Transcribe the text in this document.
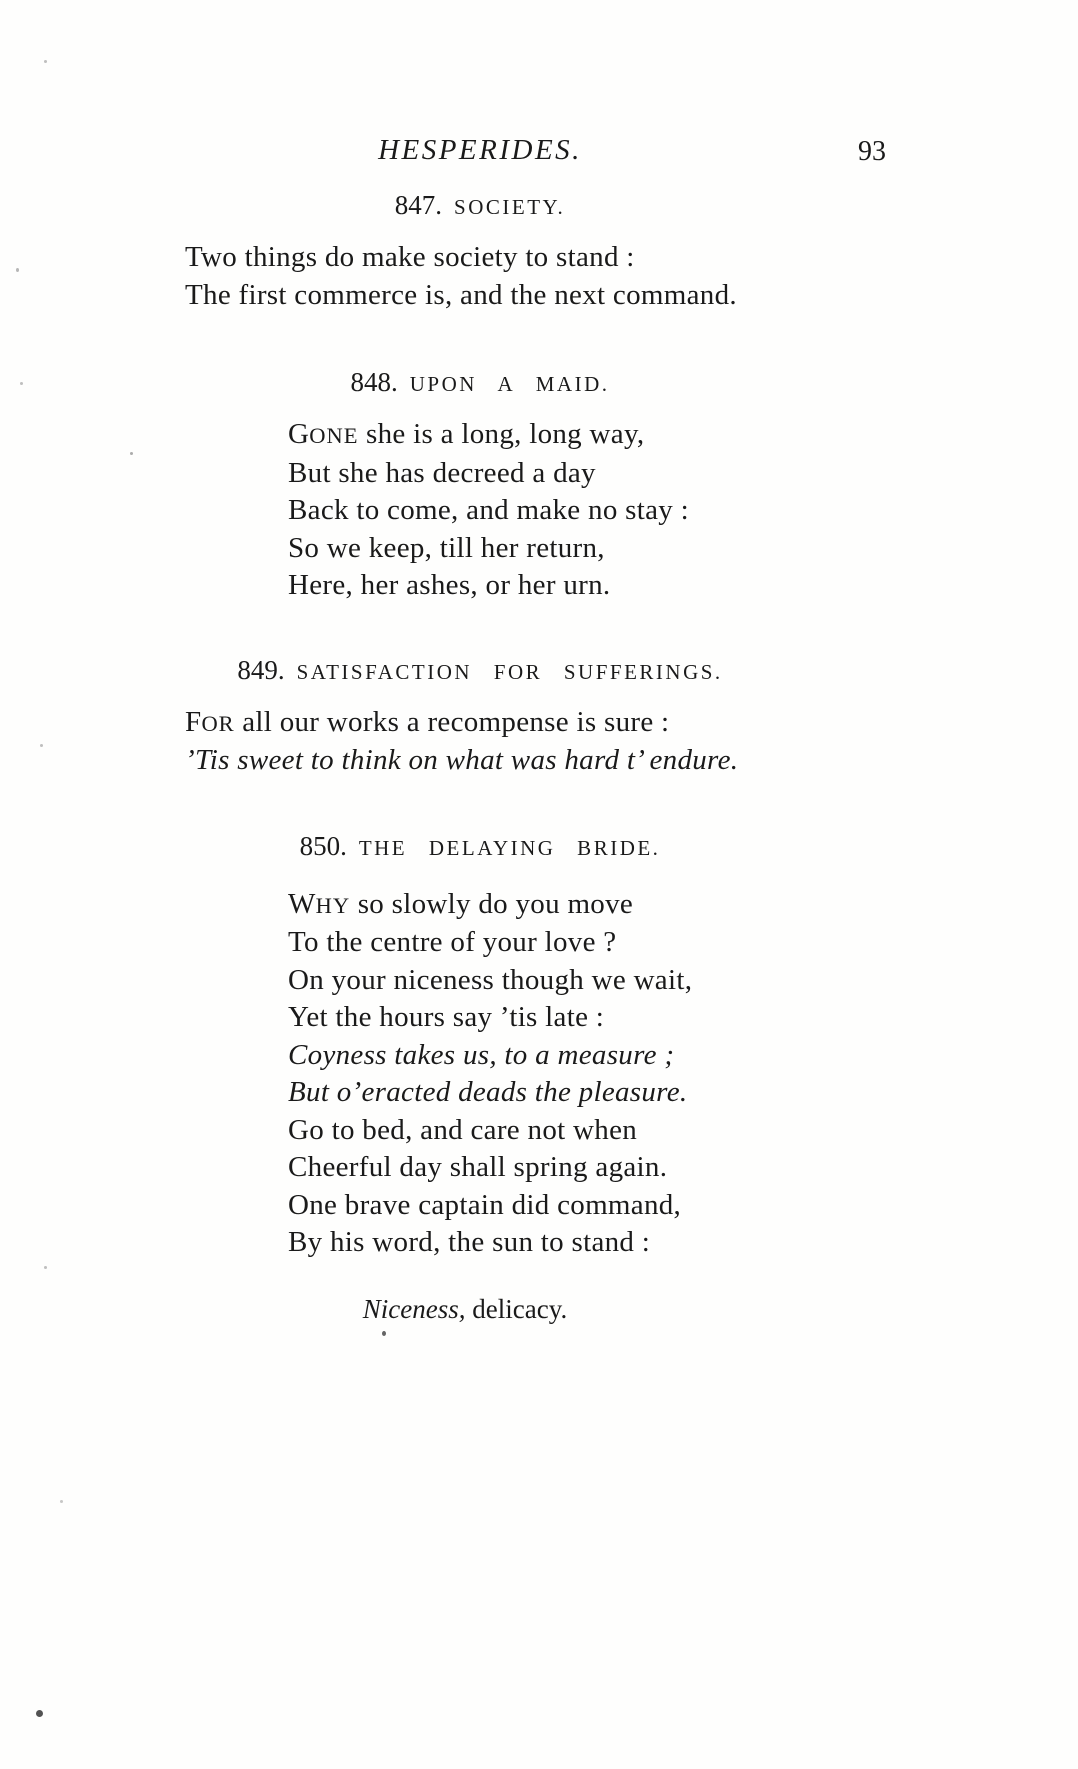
HESPERIDES.	93
847. SOCIETY.
Two things do make society to stand :
The first commerce is, and the next command.
848. UPON A MAID.
GONE she is a long, long way,
But she has decreed a day
Back to come, and make no stay :
So we keep, till her return,
Here, her ashes, or her urn.
849. SATISFACTION FOR SUFFERINGS.
FOR all our works a recompense is sure :
’Tis sweet to think on what was hard t’ endure.
850. THE DELAYING BRIDE.
WHY so slowly do you move
To the centre of your love ?
On your niceness though we wait,
Yet the hours say ’tis late :
Coyness takes us, to a measure ;
But o’eracted deads the pleasure.
Go to bed, and care not when
Cheerful day shall spring again.
One brave captain did command,
By his word, the sun to stand :
Niceness, delicacy.
